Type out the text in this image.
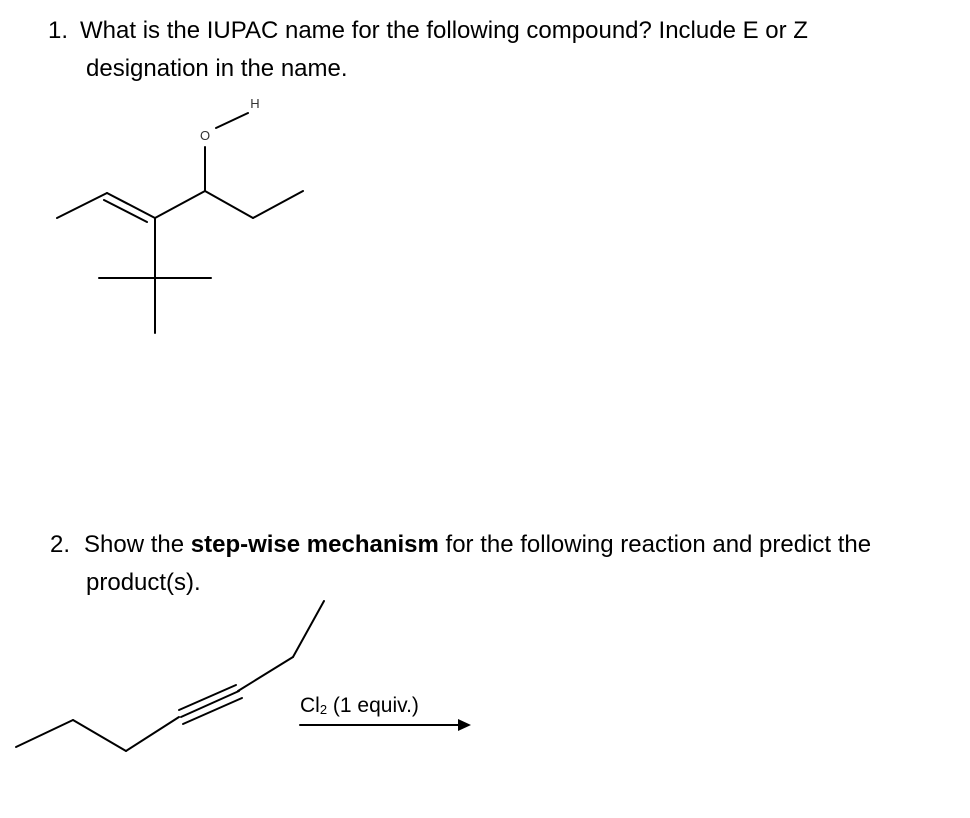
1. What is the IUPAC name for the following compound? Include E or Z

designation in the name.

O
H

2. Show the step-wise mechanism for the following reaction and predict the

product(s).

$Cl_2$ (1 equiv.)
